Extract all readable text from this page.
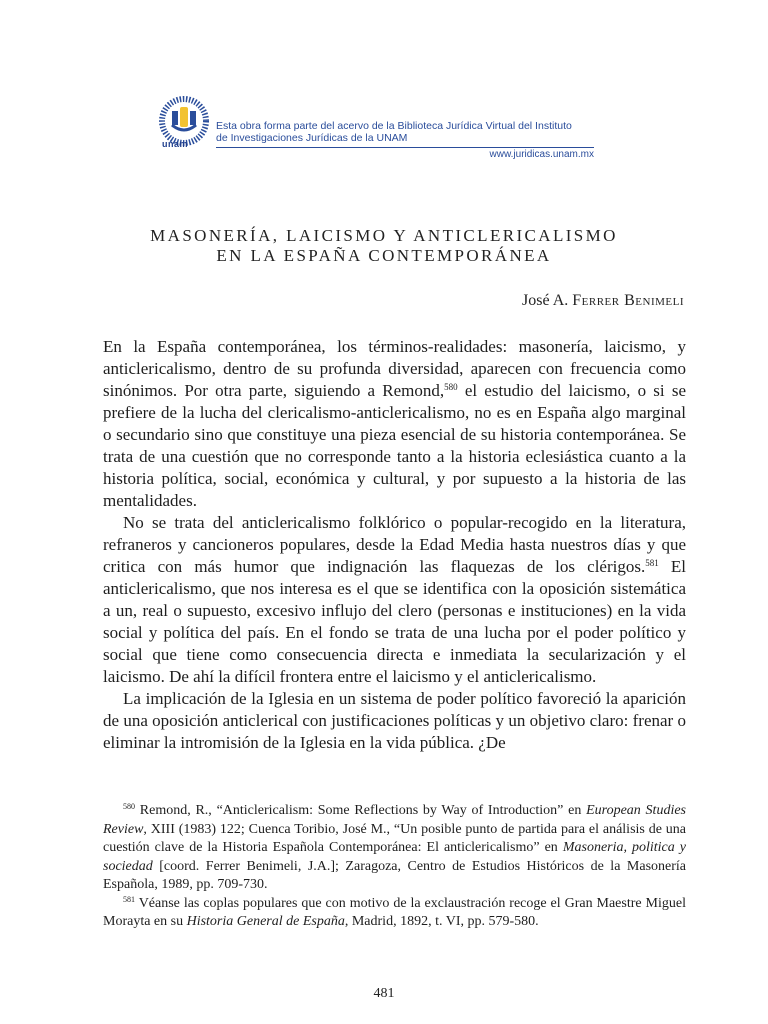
unam
Esta obra forma parte del acervo de la Biblioteca Jurídica Virtual del Instituto
de Investigaciones Jurídicas de la UNAM
www.juridicas.unam.mx
MASONERÍA, LAICISMO Y ANTICLERICALISMO
EN LA ESPAÑA CONTEMPORÁNEA
José A. Ferrer Benimeli

En la España contemporánea, los términos-realidades: masonería, laicismo, y anticlericalismo, dentro de su profunda diversidad, aparecen con frecuencia como sinónimos. Por otra parte, siguiendo a Remond,$^{580}$ el estudio del laicismo, o si se prefiere de la lucha del clericalismo-anticlericalismo, no es en España algo marginal o secundario sino que constituye una pieza esencial de su historia contemporánea. Se trata de una cuestión que no corresponde tanto a la historia eclesiástica cuanto a la historia política, social, económica y cultural, y por supuesto a la historia de las mentalidades.

No se trata del anticlericalismo folklórico o popular-recogido en la literatura, refraneros y cancioneros populares, desde la Edad Media hasta nuestros días y que critica con más humor que indignación las flaquezas de los clérigos.$^{581}$ El anticlericalismo, que nos interesa es el que se identifica con la oposición sistemática a un, real o supuesto, excesivo influjo del clero (personas e instituciones) en la vida social y política del país. En el fondo se trata de una lucha por el poder político y social que tiene como consecuencia directa e inmediata la secularización y el laicismo. De ahí la difícil frontera entre el laicismo y el anticlericalismo.

La implicación de la Iglesia en un sistema de poder político favoreció la aparición de una oposición anticlerical con justificaciones políticas y un objetivo claro: frenar o eliminar la intromisión de la Iglesia en la vida pública. ¿De

$^{580}$ Remond, R., “Anticlericalism: Some Reflections by Way of Introduction” en European Studies Review, XIII (1983) 122; Cuenca Toribio, José M., “Un posible punto de partida para el análisis de una cuestión clave de la Historia Española Contemporánea: El anticlericalismo” en Masoneria, politica y sociedad [coord. Ferrer Benimeli, J.A.]; Zaragoza, Centro de Estudios Históricos de la Masonería Española, 1989, pp. 709-730.

$^{581}$ Véanse las coplas populares que con motivo de la exclaustración recoge el Gran Maestre Miguel Morayta en su Historia General de España, Madrid, 1892, t. VI, pp. 579-580.

481
